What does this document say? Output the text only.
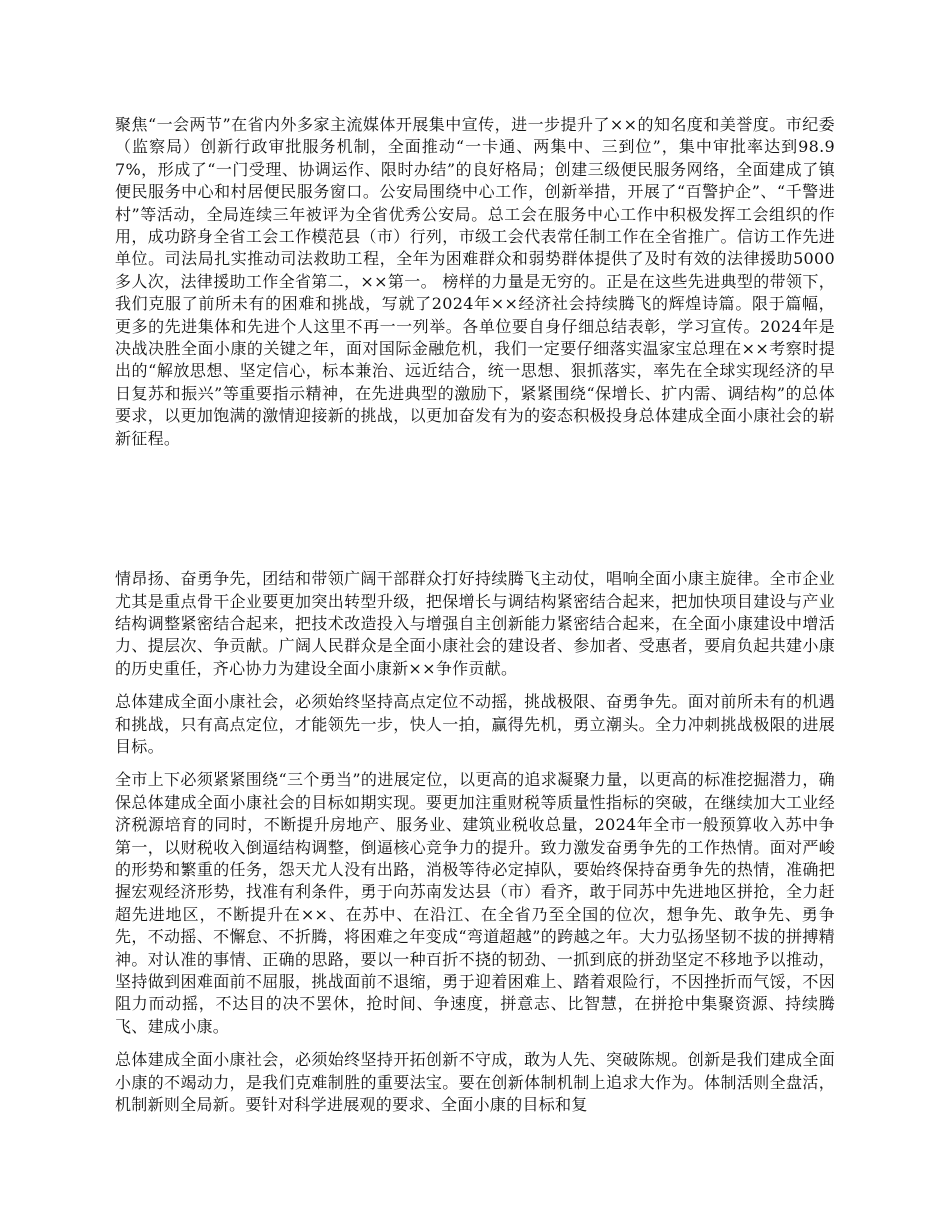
聚焦“一会两节”在省内外多家主流媒体开展集中宣传，进一步提升了××的知名度和美誉度。市纪委（监察局）创新行政审批服务机制，全面推动“一卡通、两集中、三到位”，集中审批率达到98.97%，形成了“一门受理、协调运作、限时办结”的良好格局；创建三级便民服务网络，全面建成了镇便民服务中心和村居便民服务窗口。公安局围绕中心工作，创新举措，开展了“百警护企”、“千警进村”等活动，全局连续三年被评为全省优秀公安局。总工会在服务中心工作中积极发挥工会组织的作用，成功跻身全省工会工作模范县（市）行列，市级工会代表常任制工作在全省推广。信访工作先进单位。司法局扎实推动司法救助工程，全年为困难群众和弱势群体提供了及时有效的法律援助5000多人次，法律援助工作全省第二，××第一。 榜样的力量是无穷的。正是在这些先进典型的带领下，我们克服了前所未有的困难和挑战，写就了2024年××经济社会持续腾飞的辉煌诗篇。限于篇幅，更多的先进集体和先进个人这里不再一一列举。各单位要自身仔细总结表彰，学习宣传。2024年是决战决胜全面小康的关键之年，面对国际金融危机，我们一定要仔细落实温家宝总理在××考察时提出的“解放思想、坚定信心，标本兼治、远近结合，统一思想、狠抓落实，率先在全球实现经济的早日复苏和振兴”等重要指示精神，在先进典型的激励下，紧紧围绕“保增长、扩内需、调结构”的总体要求，以更加饱满的激情迎接新的挑战，以更加奋发有为的姿态积极投身总体建成全面小康社会的崭新征程。

情昂扬、奋勇争先，团结和带领广阔干部群众打好持续腾飞主动仗，唱响全面小康主旋律。全市企业尤其是重点骨干企业要更加突出转型升级，把保增长与调结构紧密结合起来，把加快项目建设与产业结构调整紧密结合起来，把技术改造投入与增强自主创新能力紧密结合起来，在全面小康建设中增活力、提层次、争贡献。广阔人民群众是全面小康社会的建设者、参加者、受惠者，要肩负起共建小康的历史重任，齐心协力为建设全面小康新××争作贡献。

总体建成全面小康社会，必须始终坚持高点定位不动摇，挑战极限、奋勇争先。面对前所未有的机遇和挑战，只有高点定位，才能领先一步，快人一拍，赢得先机，勇立潮头。全力冲刺挑战极限的进展目标。

全市上下必须紧紧围绕“三个勇当”的进展定位，以更高的追求凝聚力量，以更高的标准挖掘潜力，确保总体建成全面小康社会的目标如期实现。要更加注重财税等质量性指标的突破，在继续加大工业经济税源培育的同时，不断提升房地产、服务业、建筑业税收总量，2024年全市一般预算收入苏中争第一，以财税收入倒逼结构调整，倒逼核心竞争力的提升。致力激发奋勇争先的工作热情。面对严峻的形势和繁重的任务，怨天尤人没有出路，消极等待必定掉队，要始终保持奋勇争先的热情，准确把握宏观经济形势，找准有利条件，勇于向苏南发达县（市）看齐，敢于同苏中先进地区拼抢，全力赶超先进地区，不断提升在××、在苏中、在沿江、在全省乃至全国的位次，想争先、敢争先、勇争先，不动摇、不懈怠、不折腾，将困难之年变成“弯道超越”的跨越之年。大力弘扬坚韧不拔的拼搏精神。对认准的事情、正确的思路，要以一种百折不挠的韧劲、一抓到底的拼劲坚定不移地予以推动，坚持做到困难面前不屈服，挑战面前不退缩，勇于迎着困难上、踏着艰险行，不因挫折而气馁，不因阻力而动摇，不达目的决不罢休，抢时间、争速度，拼意志、比智慧，在拼抢中集聚资源、持续腾飞、建成小康。

总体建成全面小康社会，必须始终坚持开拓创新不守成，敢为人先、突破陈规。创新是我们建成全面小康的不竭动力，是我们克难制胜的重要法宝。要在创新体制机制上追求大作为。体制活则全盘活，机制新则全局新。要针对科学进展观的要求、全面小康的目标和复
